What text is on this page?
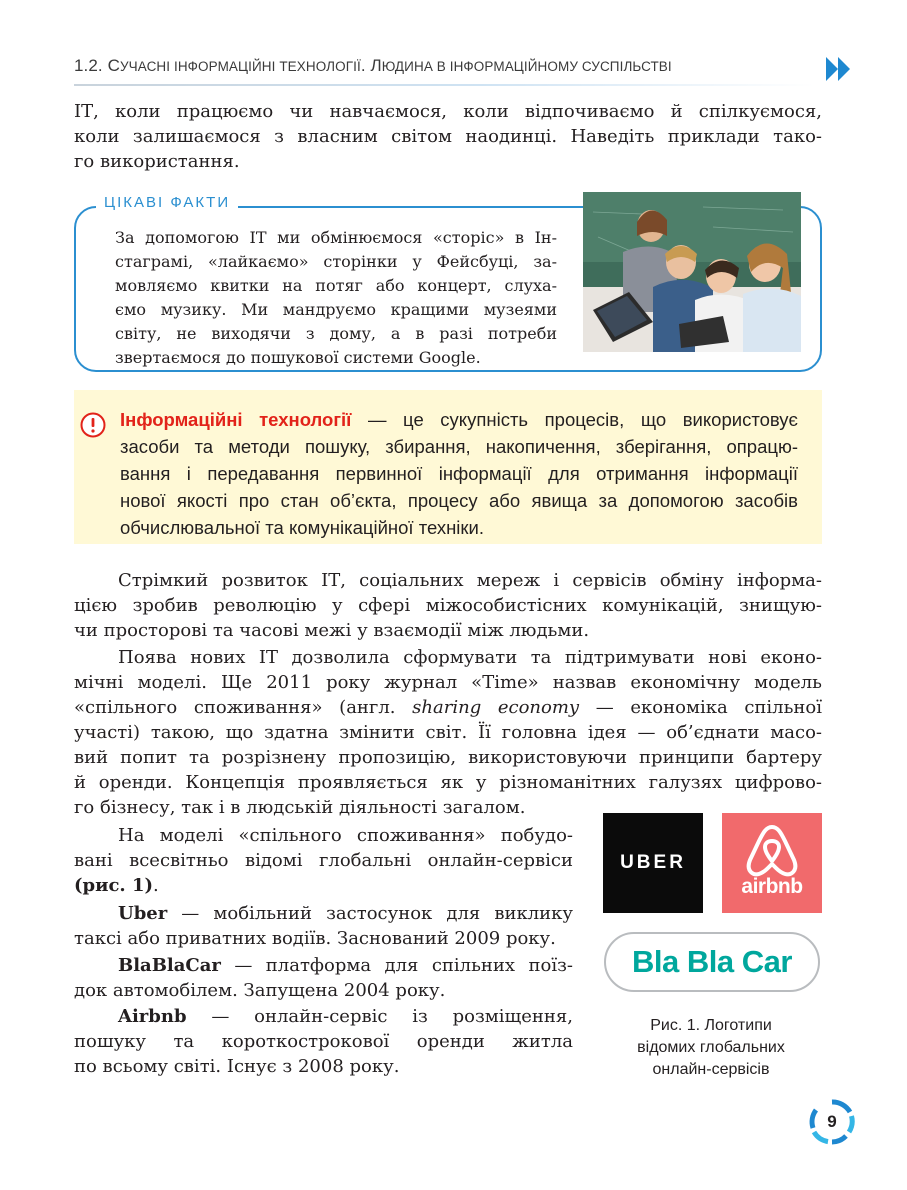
1.2. СУЧАСНІ ІНФОРМАЦІЙНІ ТЕХНОЛОГІЇ. ЛЮДИНА В ІНФОРМАЦІЙНОМУ СУСПІЛЬСТВІ
ІТ, коли працюємо чи навчаємося, коли відпочиваємо й спілкуємося,
коли залишаємося з власним світом наодинці. Наведіть приклади тако-
го використання.
ЦІКАВІ ФАКТИ
За допомогою ІТ ми обмінюємося «сторіс» в Ін-
стаграмі, «лайкаємо» сторінки у Фейсбуці, за-
мовляємо квитки на потяг або концерт, слуха-
ємо музику. Ми мандруємо кращими музеями
світу, не виходячи з дому, а в разі потреби
звертаємося до пошукової системи Google.
Інформаційні технології — це сукупність процесів, що використовує
засоби та методи пошуку, збирання, накопичення, зберігання, опрацю-
вання і передавання первинної інформації для отримання інформації
нової якості про стан об’єкта, процесу або явища за допомогою засобів
обчислювальної та комунікаційної техніки.
Стрімкий розвиток ІТ, соціальних мереж і сервісів обміну інформа-
цією зробив революцію у сфері міжособистісних комунікацій, знищую-
чи просторові та часові межі у взаємодії між людьми.
Поява нових ІТ дозволила сформувати та підтримувати нові еконо-
мічні моделі. Ще 2011 року журнал «Time» назвав економічну модель
«спільного споживання» (англ. sharing economy — економіка спільної
участі) такою, що здатна змінити світ. Її головна ідея — об’єднати масо-
вий попит та розрізнену пропозицію, використовуючи принципи бартеру
й оренди. Концепція проявляється як у різноманітних галузях цифрово-
го бізнесу, так і в людській діяльності загалом.
На моделі «спільного споживання» побудо-
вані всесвітньо відомі глобальні онлайн-сервіси
(рис. 1).
Uber — мобільний застосунок для виклику
таксі або приватних водіїв. Заснований 2009 року.
BlaBlaCar — платформа для спільних поїз-
док автомобілем. Запущена 2004 року.
Airbnb — онлайн-сервіс із розміщення,
пошуку та короткострокової оренди житла
по всьому світі. Існує з 2008 року.
UBER
airbnb
Bla Bla Car
Рис. 1. Логотипи
відомих глобальних
онлайн-сервісів
9
